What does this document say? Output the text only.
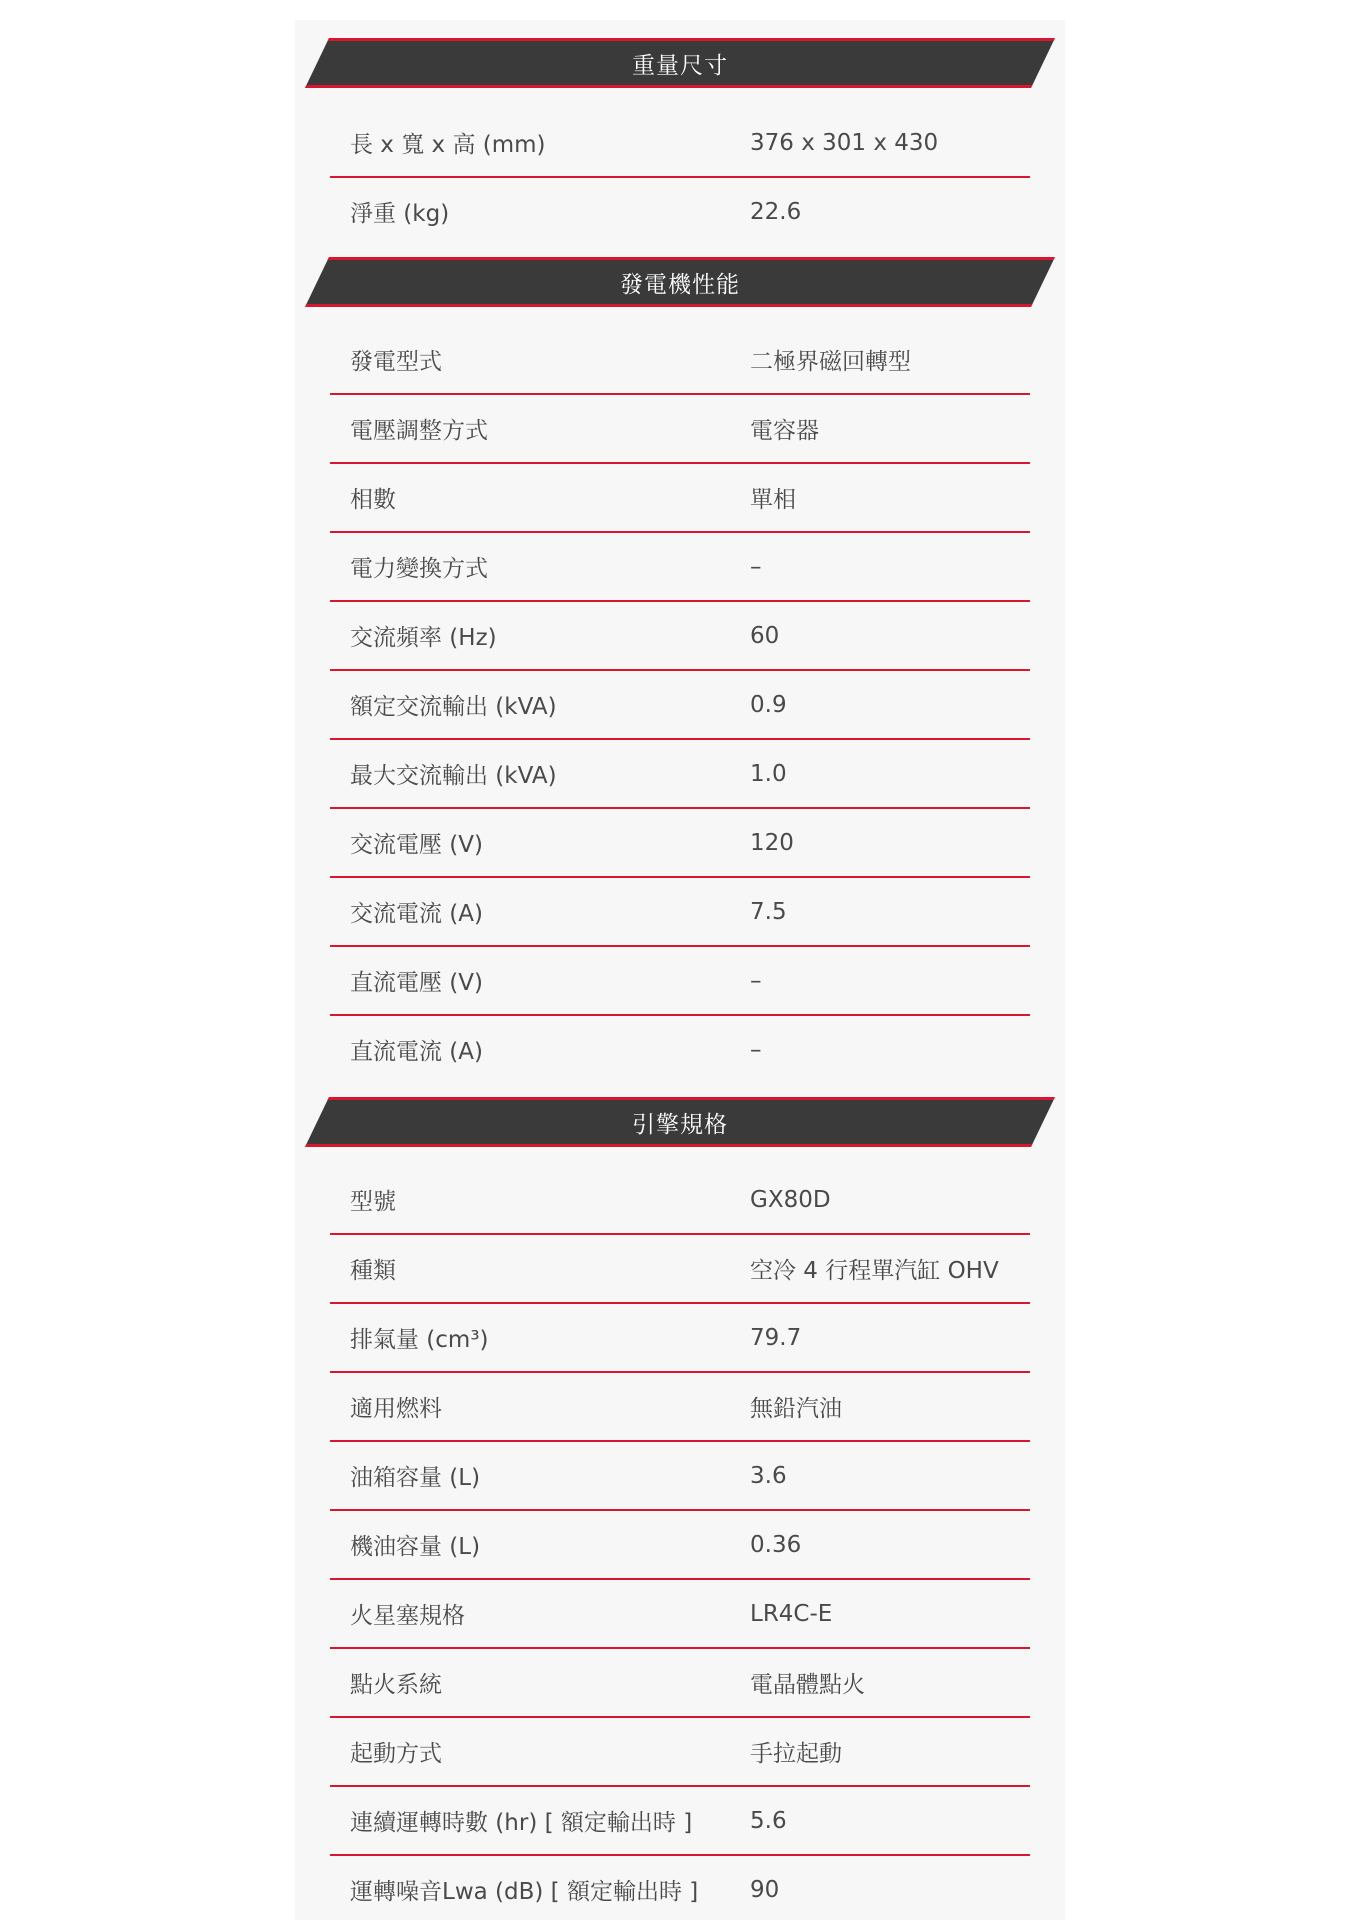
重量尺寸
長 x 寬 x 高 (mm)	376 x 301 x 430
淨重 (kg)	22.6
發電機性能
發電型式	二極界磁回轉型
電壓調整方式	電容器
相數	單相
電力變換方式	–
交流頻率 (Hz)	60
額定交流輸出 (kVA)	0.9
最大交流輸出 (kVA)	1.0
交流電壓 (V)	120
交流電流 (A)	7.5
直流電壓 (V)	–
直流電流 (A)	–
引擎規格
型號	GX80D
種類	空冷 4 行程單汽缸 OHV
排氣量 (cm³)	79.7
適用燃料	無鉛汽油
油箱容量 (L)	3.6
機油容量 (L)	0.36
火星塞規格	LR4C-E
點火系統	電晶體點火
起動方式	手拉起動
連續運轉時數 (hr) [ 額定輸出時 ]	5.6
運轉噪音Lwa (dB) [ 額定輸出時 ] 90
